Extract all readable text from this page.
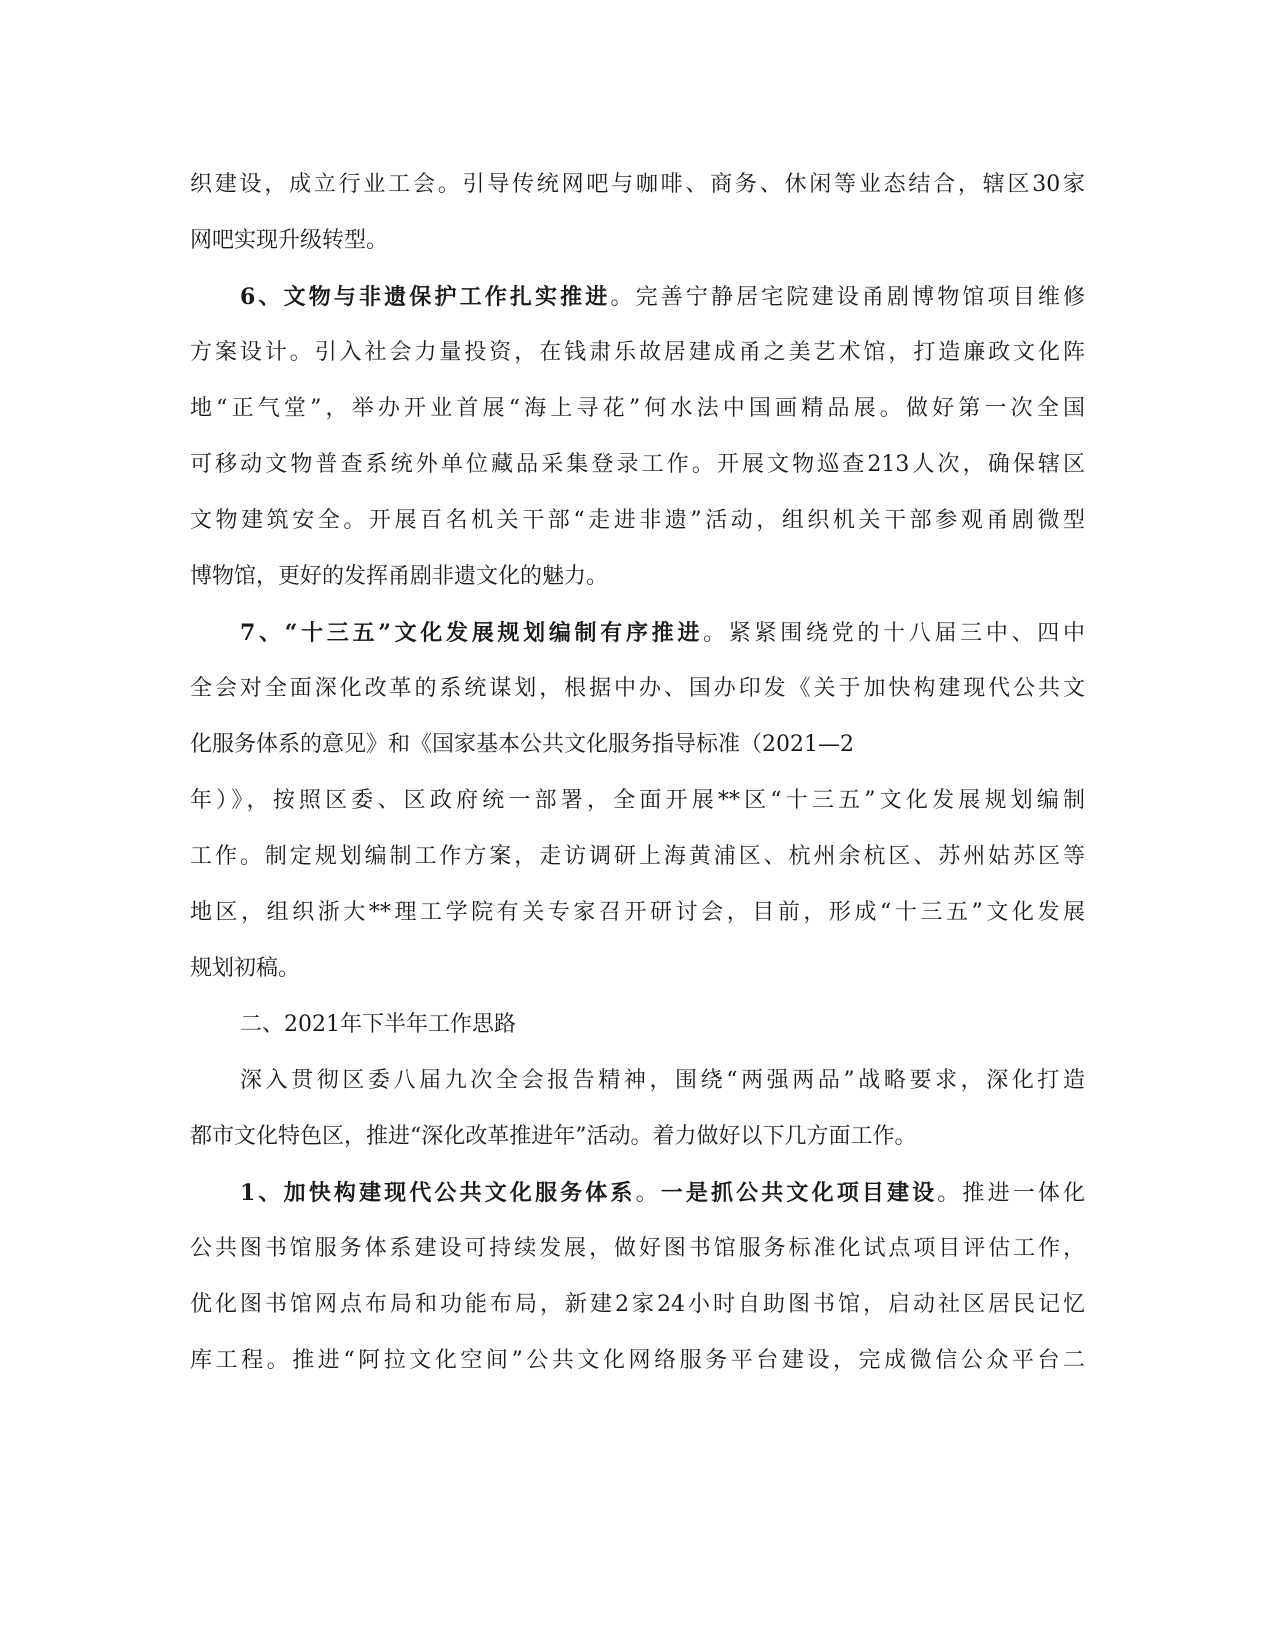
织建设，成立行业工会。引导传统网吧与咖啡、商务、休闲等业态结合，辖区30家
网吧实现升级转型。
6、文物与非遗保护工作扎实推进。完善宁静居宅院建设甬剧博物馆项目维修
方案设计。引入社会力量投资，在钱肃乐故居建成甬之美艺术馆，打造廉政文化阵
地“正气堂”，举办开业首展“海上寻花”何水法中国画精品展。做好第一次全国
可移动文物普查系统外单位藏品采集登录工作。开展文物巡查213人次，确保辖区
文物建筑安全。开展百名机关干部“走进非遗”活动，组织机关干部参观甬剧微型
博物馆，更好的发挥甬剧非遗文化的魅力。
7、“十三五”文化发展规划编制有序推进。紧紧围绕党的十八届三中、四中
全会对全面深化改革的系统谋划，根据中办、国办印发《关于加快构建现代公共文
化服务体系的意见》和《国家基本公共文化服务指导标准（2021—2
年）》，按照区委、区政府统一部署，全面开展**区“十三五”文化发展规划编制
工作。制定规划编制工作方案，走访调研上海黄浦区、杭州余杭区、苏州姑苏区等
地区，组织浙大**理工学院有关专家召开研讨会，目前，形成“十三五”文化发展
规划初稿。
二、2021年下半年工作思路
深入贯彻区委八届九次全会报告精神，围绕“两强两品”战略要求，深化打造
都市文化特色区，推进“深化改革推进年”活动。着力做好以下几方面工作。
1、加快构建现代公共文化服务体系。一是抓公共文化项目建设。推进一体化
公共图书馆服务体系建设可持续发展，做好图书馆服务标准化试点项目评估工作，
优化图书馆网点布局和功能布局，新建2家24小时自助图书馆，启动社区居民记忆
库工程。推进“阿拉文化空间”公共文化网络服务平台建设，完成微信公众平台二
